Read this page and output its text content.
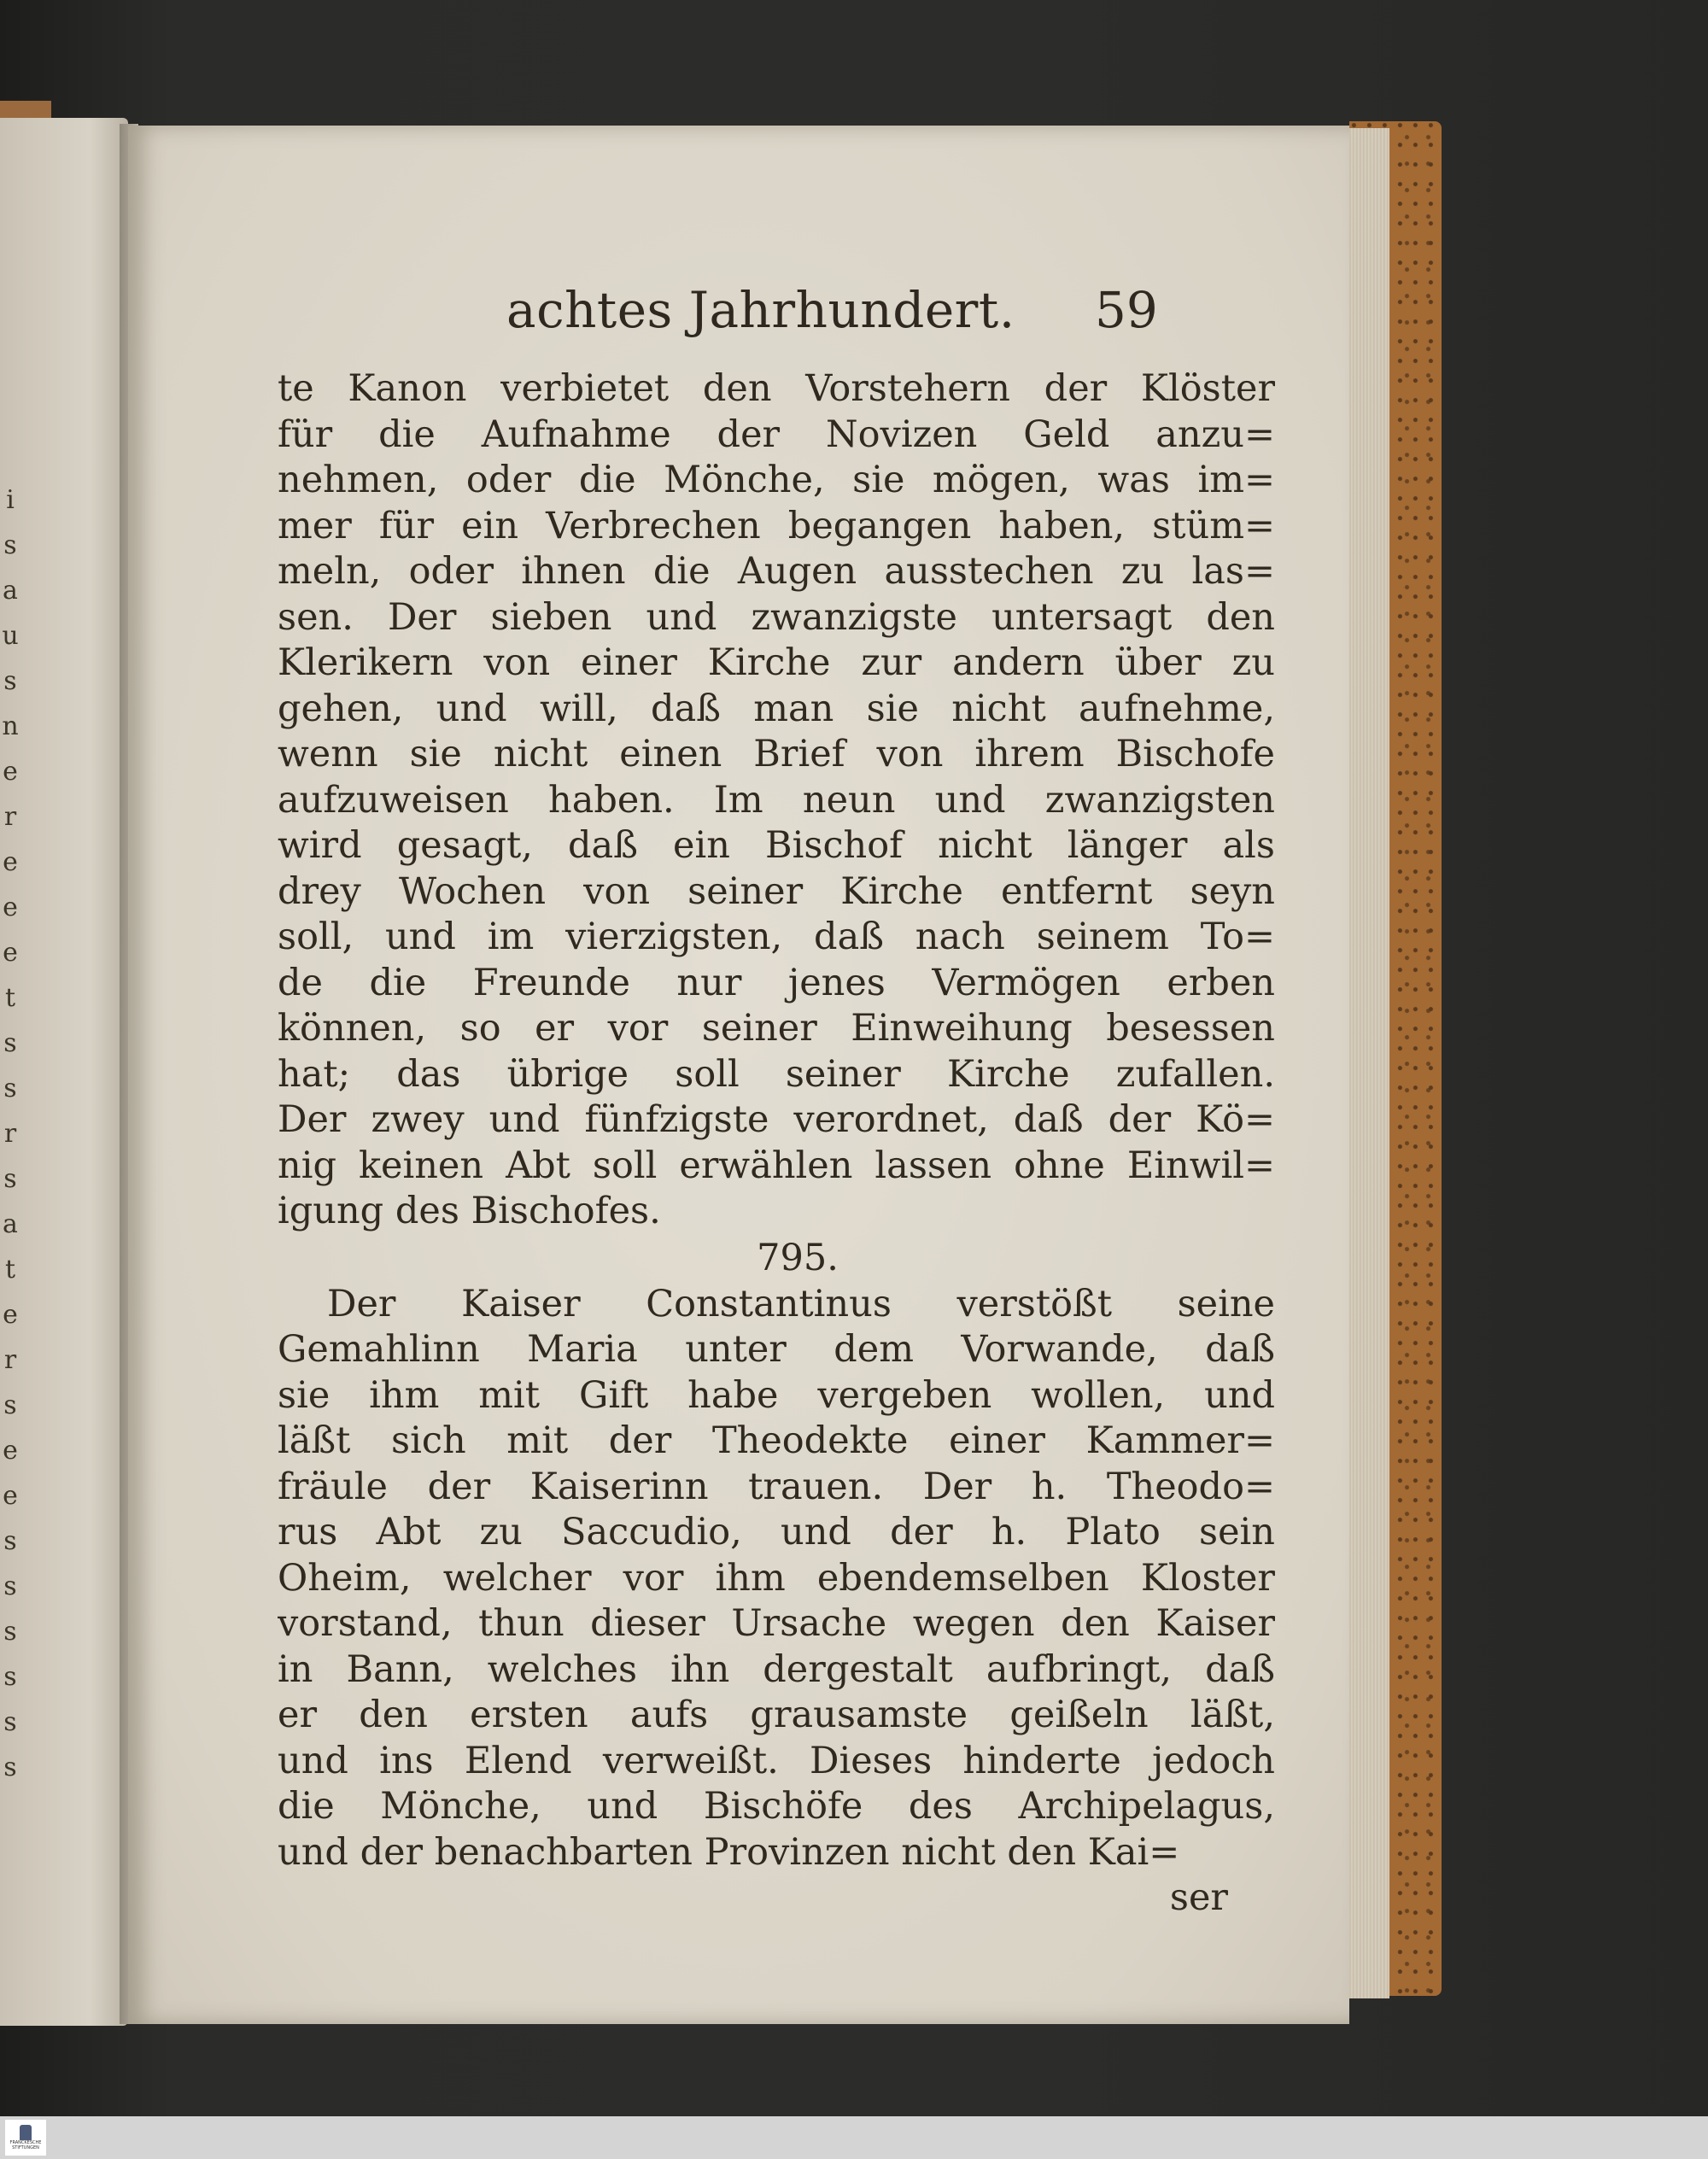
i
s
a
u
s
n
e
r
e
e
e
t
s
s
r
s
a
t
e
r
s
e
e
s
s
s
s
s
s
achtes Jahrhundert. 59
te Kanon verbietet den Vorstehern der Klöster
für die Aufnahme der Novizen Geld anzu=
nehmen, oder die Mönche, sie mögen, was im=
mer für ein Verbrechen begangen haben, stüm=
meln, oder ihnen die Augen ausstechen zu las=
sen. Der sieben und zwanzigste untersagt den
Klerikern von einer Kirche zur andern über zu
gehen, und will, daß man sie nicht aufnehme,
wenn sie nicht einen Brief von ihrem Bischofe
aufzuweisen haben. Im neun und zwanzigsten
wird gesagt, daß ein Bischof nicht länger als
drey Wochen von seiner Kirche entfernt seyn
soll, und im vierzigsten, daß nach seinem To=
de die Freunde nur jenes Vermögen erben
können, so er vor seiner Einweihung besessen
hat; das übrige soll seiner Kirche zufallen.
Der zwey und fünfzigste verordnet, daß der Kö=
nig keinen Abt soll erwählen lassen ohne Einwil=
igung des Bischofes.
795.
Der Kaiser Constantinus verstößt seine
Gemahlinn Maria unter dem Vorwande, daß
sie ihm mit Gift habe vergeben wollen, und
läßt sich mit der Theodekte einer Kammer=
fräule der Kaiserinn trauen. Der h. Theodo=
rus Abt zu Saccudio, und der h. Plato sein
Oheim, welcher vor ihm ebendemselben Kloster
vorstand, thun dieser Ursache wegen den Kaiser
in Bann, welches ihn dergestalt aufbringt, daß
er den ersten aufs grausamste geißeln läßt,
und ins Elend verweißt. Dieses hinderte jedoch
die Mönche, und Bischöfe des Archipelagus,
und der benachbarten Provinzen nicht den Kai=
ser
FRANCKESCHE
STIFTUNGEN
